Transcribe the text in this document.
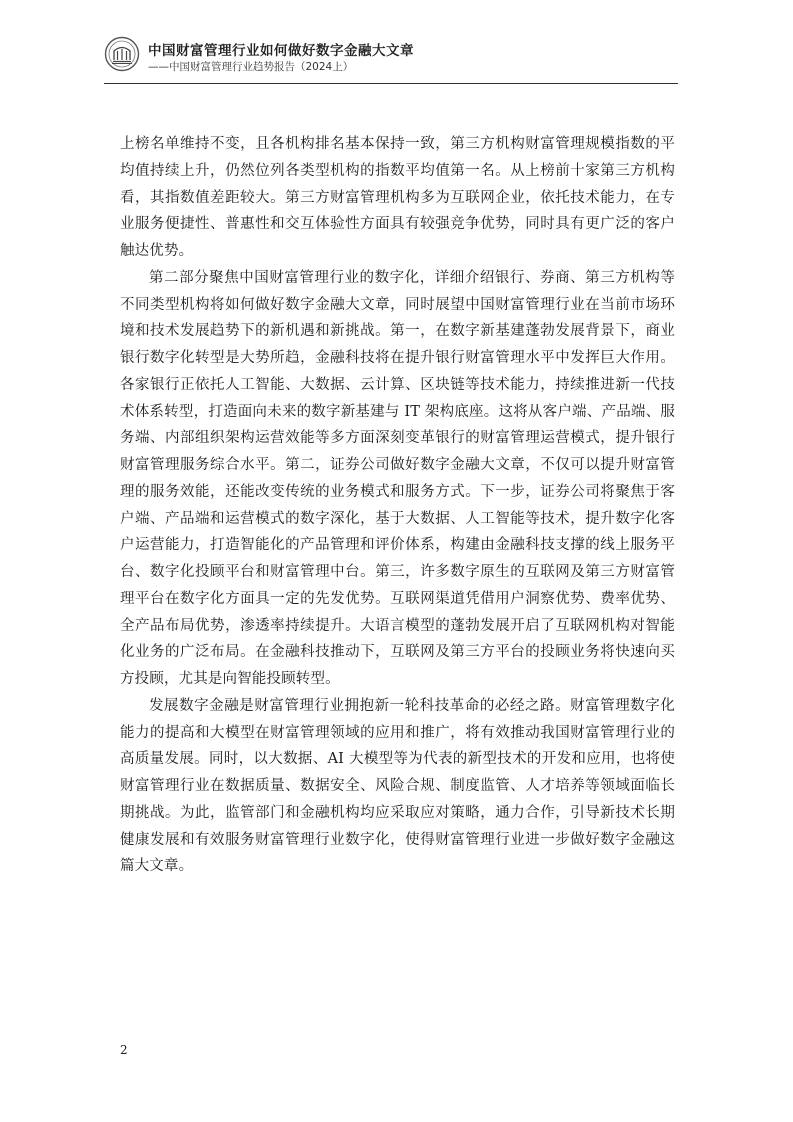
中国财富管理行业如何做好数字金融大文章
——中国财富管理行业趋势报告（2024上）

上榜名单维持不变，且各机构排名基本保持一致，第三方机构财富管理规模指数的平均值持续上升，仍然位列各类型机构的指数平均值第一名。从上榜前十家第三方机构看，其指数值差距较大。第三方财富管理机构多为互联网企业，依托技术能力，在专业服务便捷性、普惠性和交互体验性方面具有较强竞争优势，同时具有更广泛的客户触达优势。

第二部分聚焦中国财富管理行业的数字化，详细介绍银行、券商、第三方机构等不同类型机构将如何做好数字金融大文章，同时展望中国财富管理行业在当前市场环境和技术发展趋势下的新机遇和新挑战。第一，在数字新基建蓬勃发展背景下，商业银行数字化转型是大势所趋，金融科技将在提升银行财富管理水平中发挥巨大作用。各家银行正依托人工智能、大数据、云计算、区块链等技术能力，持续推进新一代技术体系转型，打造面向未来的数字新基建与 IT 架构底座。这将从客户端、产品端、服务端、内部组织架构运营效能等多方面深刻变革银行的财富管理运营模式，提升银行财富管理服务综合水平。第二，证券公司做好数字金融大文章，不仅可以提升财富管理的服务效能，还能改变传统的业务模式和服务方式。下一步，证券公司将聚焦于客户端、产品端和运营模式的数字深化，基于大数据、人工智能等技术，提升数字化客户运营能力，打造智能化的产品管理和评价体系，构建由金融科技支撑的线上服务平台、数字化投顾平台和财富管理中台。第三，许多数字原生的互联网及第三方财富管理平台在数字化方面具一定的先发优势。互联网渠道凭借用户洞察优势、费率优势、全产品布局优势，渗透率持续提升。大语言模型的蓬勃发展开启了互联网机构对智能化业务的广泛布局。在金融科技推动下，互联网及第三方平台的投顾业务将快速向买方投顾，尤其是向智能投顾转型。

发展数字金融是财富管理行业拥抱新一轮科技革命的必经之路。财富管理数字化能力的提高和大模型在财富管理领域的应用和推广，将有效推动我国财富管理行业的高质量发展。同时，以大数据、AI 大模型等为代表的新型技术的开发和应用，也将使财富管理行业在数据质量、数据安全、风险合规、制度监管、人才培养等领域面临长期挑战。为此，监管部门和金融机构均应采取应对策略，通力合作，引导新技术长期健康发展和有效服务财富管理行业数字化，使得财富管理行业进一步做好数字金融这篇大文章。

2
